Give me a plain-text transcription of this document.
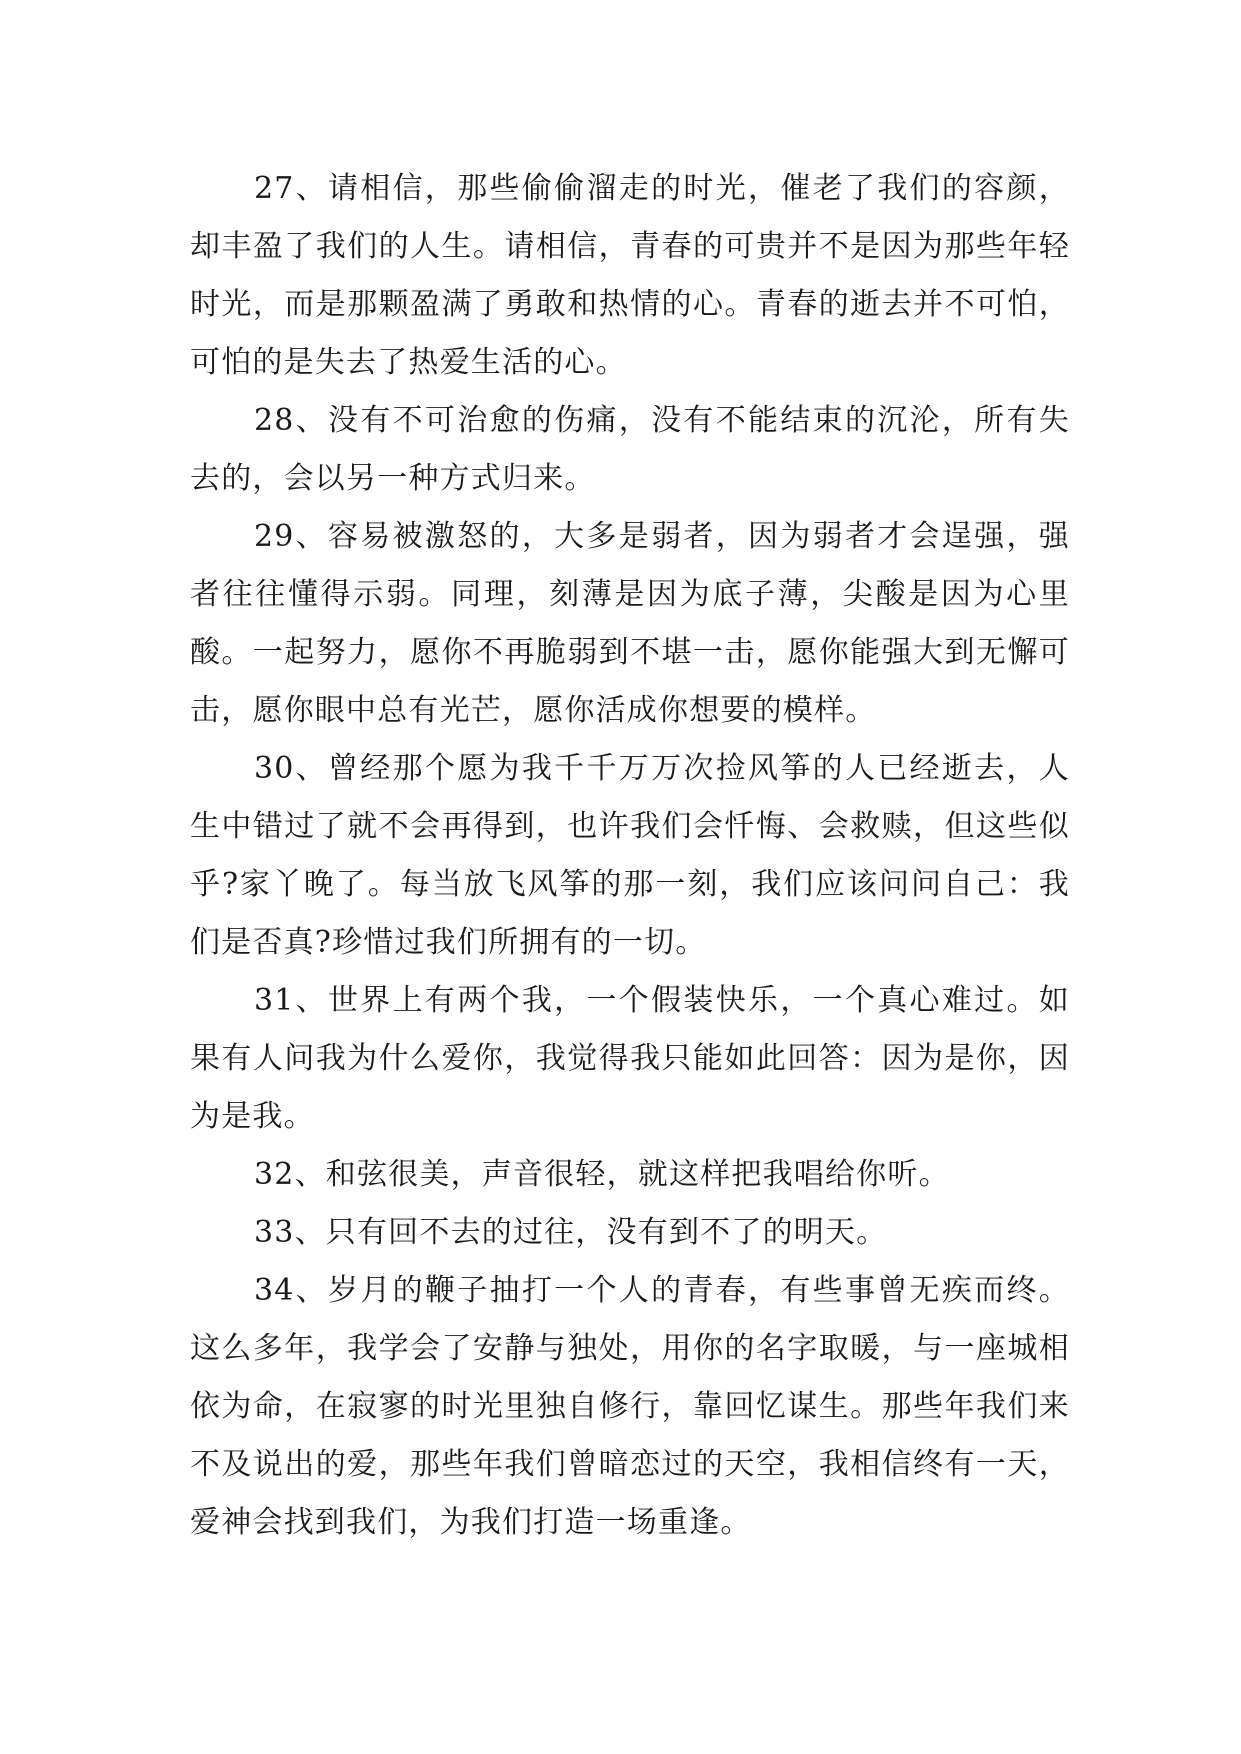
27、请相信，那些偷偷溜走的时光，催老了我们的容颜，却丰盈了我们的人生。请相信，青春的可贵并不是因为那些年轻时光，而是那颗盈满了勇敢和热情的心。青春的逝去并不可怕，可怕的是失去了热爱生活的心。

28、没有不可治愈的伤痛，没有不能结束的沉沦，所有失去的，会以另一种方式归来。

29、容易被激怒的，大多是弱者，因为弱者才会逞强，强者往往懂得示弱。同理，刻薄是因为底子薄，尖酸是因为心里酸。一起努力，愿你不再脆弱到不堪一击，愿你能强大到无懈可击，愿你眼中总有光芒，愿你活成你想要的模样。

30、曾经那个愿为我千千万万次捡风筝的人已经逝去，人生中错过了就不会再得到，也许我们会忏悔、会救赎，但这些似乎?家丫晚了。每当放飞风筝的那一刻，我们应该问问自己：我们是否真?珍惜过我们所拥有的一切。

31、世界上有两个我，一个假装快乐，一个真心难过。如果有人问我为什么爱你，我觉得我只能如此回答：因为是你，因为是我。

32、和弦很美，声音很轻，就这样把我唱给你听。

33、只有回不去的过往，没有到不了的明天。

34、岁月的鞭子抽打一个人的青春，有些事曾无疾而终。这么多年，我学会了安静与独处，用你的名字取暖，与一座城相依为命，在寂寥的时光里独自修行，靠回忆谋生。那些年我们来不及说出的爱，那些年我们曾暗恋过的天空，我相信终有一天，爱神会找到我们，为我们打造一场重逢。
